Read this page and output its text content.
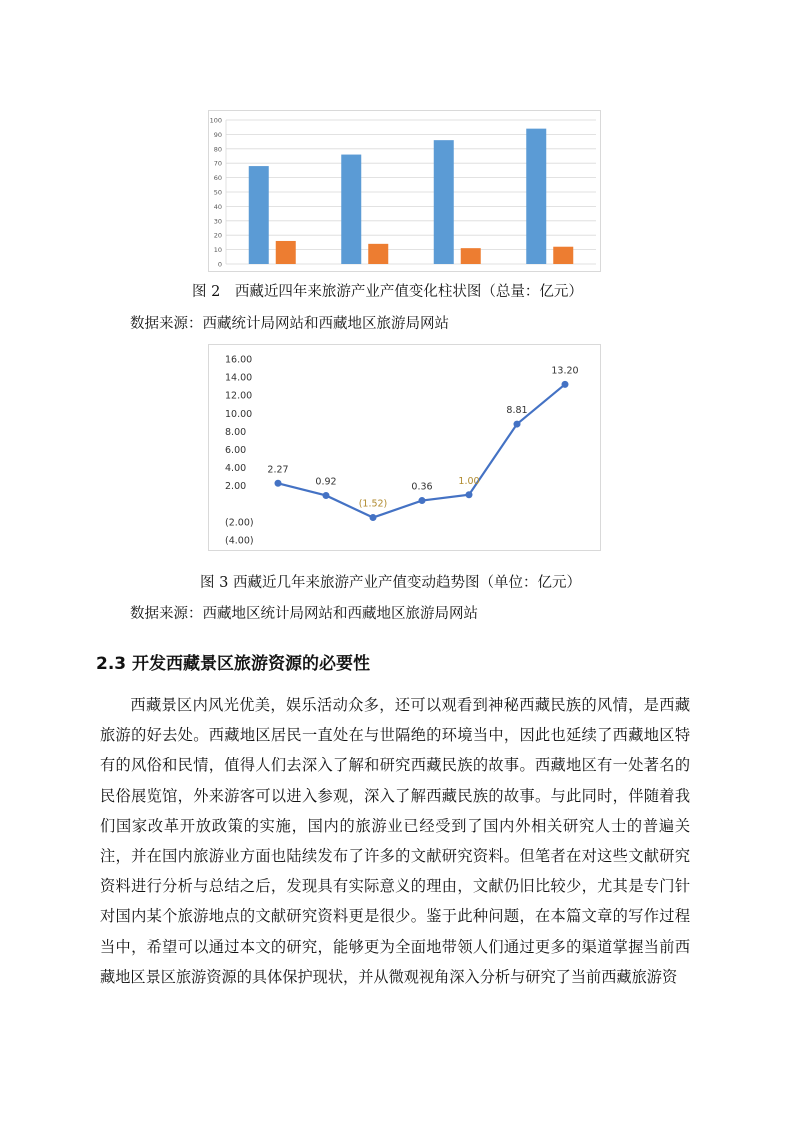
0
10
20
30
40
50
60
70
80
90
100
图 2　西藏近四年来旅游产业产值变化柱状图（总量：亿元）
数据来源：西藏统计局网站和西藏地区旅游局网站
16.00
14.00
12.00
10.00
8.00
6.00
4.00
2.00
(2.00)
(4.00)
2.27
0.92
(1.52)
0.36
1.00
8.81
13.20
图 3 西藏近几年来旅游产业产值变动趋势图（单位：亿元）
数据来源：西藏地区统计局网站和西藏地区旅游局网站
2.3 开发西藏景区旅游资源的必要性

西藏景区内风光优美，娱乐活动众多，还可以观看到神秘西藏民族的风情，是西藏旅游的好去处。西藏地区居民一直处在与世隔绝的环境当中，因此也延续了西藏地区特有的风俗和民情，值得人们去深入了解和研究西藏民族的故事。西藏地区有一处著名的民俗展览馆，外来游客可以进入参观，深入了解西藏民族的故事。与此同时，伴随着我们国家改革开放政策的实施，国内的旅游业已经受到了国内外相关研究人士的普遍关注，并在国内旅游业方面也陆续发布了许多的文献研究资料。但笔者在对这些文献研究资料进行分析与总结之后，发现具有实际意义的理由，文献仍旧比较少，尤其是专门针对国内某个旅游地点的文献研究资料更是很少。鉴于此种问题，在本篇文章的写作过程当中，希望可以通过本文的研究，能够更为全面地带领人们通过更多的渠道掌握当前西藏地区景区旅游资源的具体保护现状，并从微观视角深入分析与研究了当前西藏旅游资
